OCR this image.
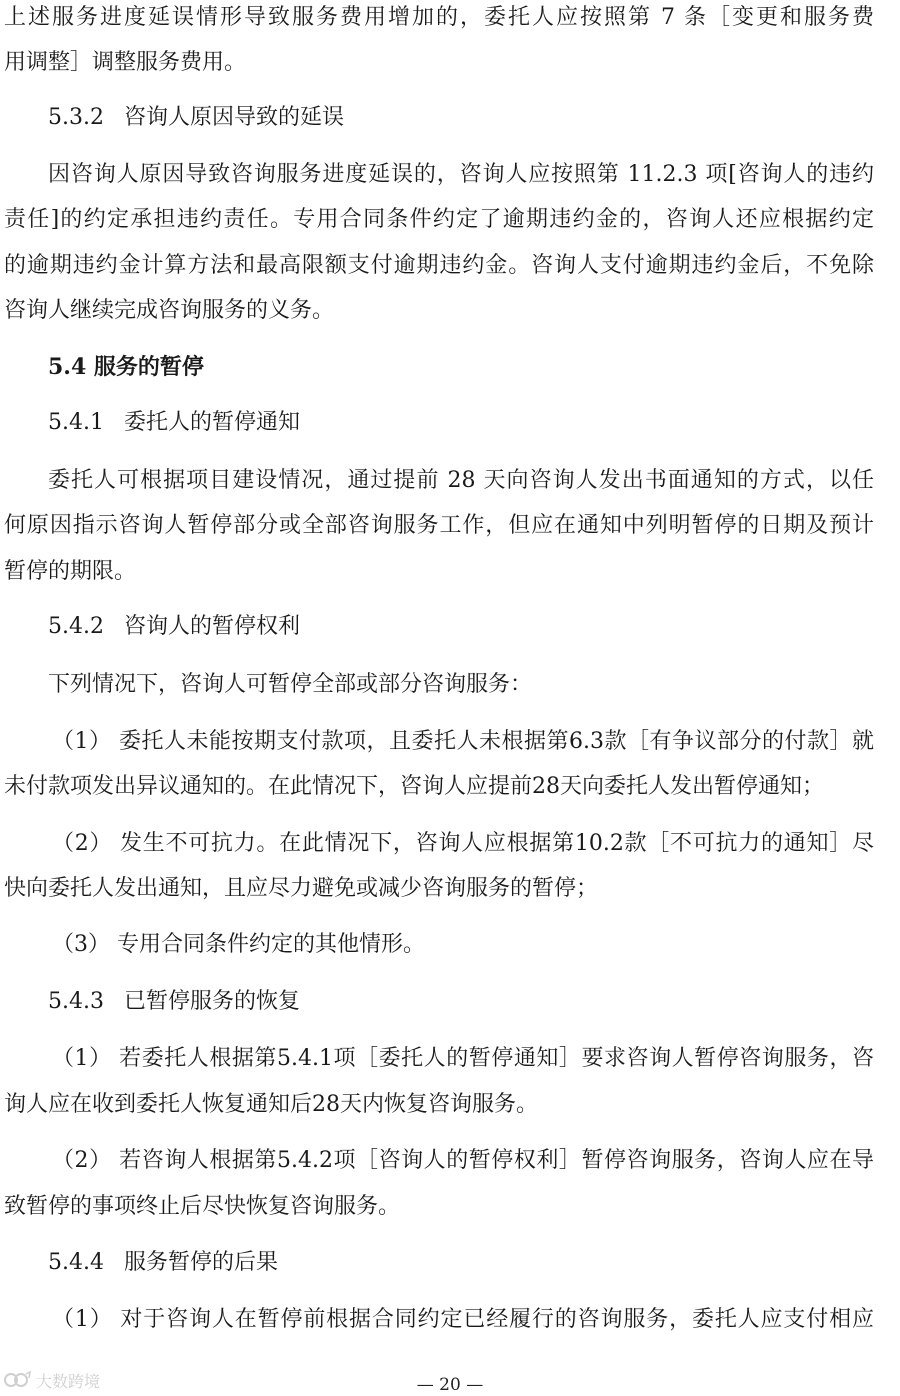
上述服务进度延误情形导致服务费用增加的，委托人应按照第 7 条［变更和服务费
用调整］调整服务费用。
5.3.2 咨询人原因导致的延误
因咨询人原因导致咨询服务进度延误的，咨询人应按照第 11.2.3 项[咨询人的违约
责任]的约定承担违约责任。专用合同条件约定了逾期违约金的，咨询人还应根据约定
的逾期违约金计算方法和最高限额支付逾期违约金。咨询人支付逾期违约金后，不免除
咨询人继续完成咨询服务的义务。
5.4 服务的暂停
5.4.1 委托人的暂停通知
委托人可根据项目建设情况，通过提前 28 天向咨询人发出书面通知的方式，以任
何原因指示咨询人暂停部分或全部咨询服务工作，但应在通知中列明暂停的日期及预计
暂停的期限。
5.4.2 咨询人的暂停权利
下列情况下，咨询人可暂停全部或部分咨询服务：
（1） 委托人未能按期支付款项，且委托人未根据第6.3款［有争议部分的付款］就
未付款项发出异议通知的。在此情况下，咨询人应提前28天向委托人发出暂停通知；
（2） 发生不可抗力。在此情况下，咨询人应根据第10.2款［不可抗力的通知］尽
快向委托人发出通知，且应尽力避免或减少咨询服务的暂停；
（3） 专用合同条件约定的其他情形。
5.4.3 已暂停服务的恢复
（1） 若委托人根据第5.4.1项［委托人的暂停通知］要求咨询人暂停咨询服务，咨
询人应在收到委托人恢复通知后28天内恢复咨询服务。
（2） 若咨询人根据第5.4.2项［咨询人的暂停权利］暂停咨询服务，咨询人应在导
致暂停的事项终止后尽快恢复咨询服务。
5.4.4 服务暂停的后果
（1） 对于咨询人在暂停前根据合同约定已经履行的咨询服务，委托人应支付相应
大数跨境	— 20 —
